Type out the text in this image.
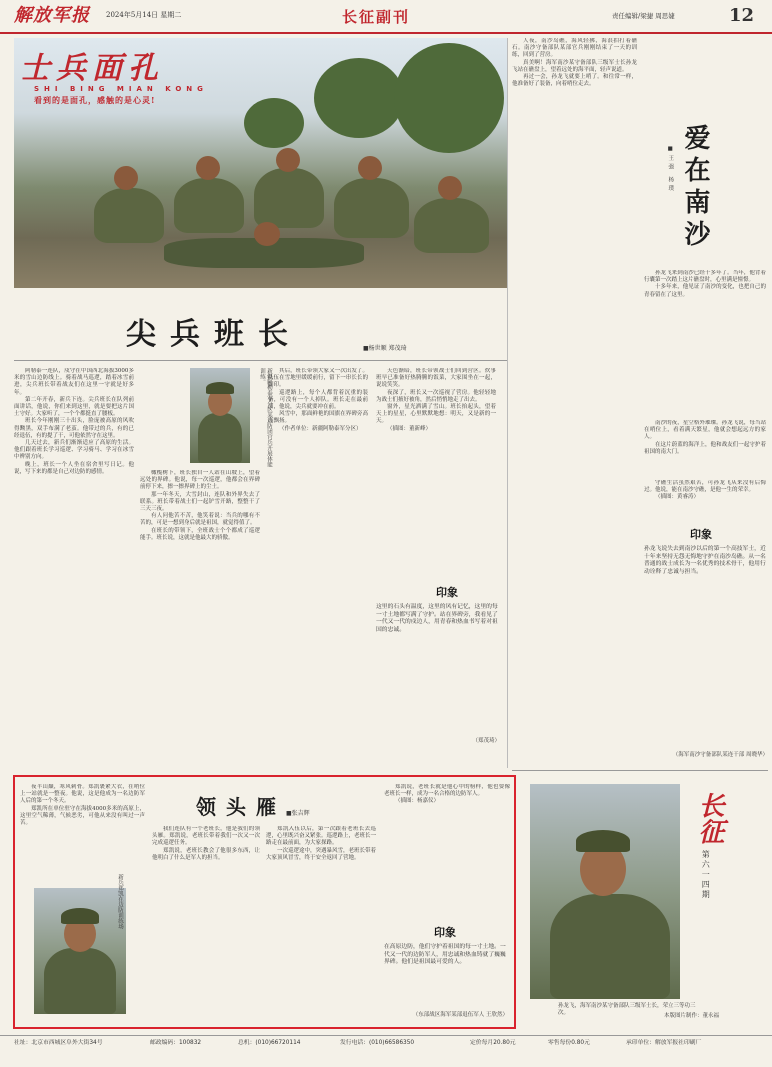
解放军报 2024年5月14日 星期二	长征副刊	责任编辑/梁捷 周思婕	12
士兵面孔
SHI BING MIAN KONG
看到的是面孔，感触的是心灵!
尖兵班长	■杨世顺 郑茂琦
新疆阿勒泰军分区某边防团官兵开展体能训练。

阿勒泰一连队，戍守在中国西北海拔3000多米的雪山边防线上。骑着战马巡逻，踏着冰雪前进，尖兵班长带着战友们在这里一守就是好多年。

第二年开春，新兵下连。尖兵班长在队列前面讲话，他说，你们来到这里，就是要把这片国土守好。大家听了，一个个都挺直了腰板。

班长今年刚刚三十出头，脸庞被高原的风吹得黝黑，双手布满了老茧。他带过的兵，有的已经退伍，有的提了干，可他依然守在这里。

几天过去，新兵们渐渐适应了高原的生活。他们跟着班长学习巡逻、学习骑马、学习在冰雪中辨别方向。

晚上，班长一个人坐在宿舍里写日记。他说，写下来的都是自己对边防的感情。	橄榄树下，班长独自一人站在山坡上，望着远处的界碑。他说，每一次巡逻，他都会在界碑前停下来，擦一擦界碑上的尘土。

那一年冬天，大雪封山，连队和外界失去了联系。班长带着战士们一起铲雪开路，整整干了三天三夜。

有人问他苦不苦，他笑着说：当兵的哪有不苦的，可是一想到身后就是祖国，就觉得值了。

在班长的带领下，全班战士个个都成了巡逻能手。班长说，这就是他最大的骄傲。

其后，班长带领大家又一次出发了。队伍在雪地里缓缓前行，留下一串长长的脚印。

巡逻路上，每个人都背着沉重的装备，可没有一个人掉队。班长走在最前面，他说，尖兵就要冲在前。

风雪中，那面鲜艳的国旗在界碑旁高高飘扬。

（作者单位：新疆阿勒泰军分区）

天色渐暗，班长带领战士们回到营区。炊事班早已准备好热腾腾的饭菜，大家围坐在一起，说说笑笑。

夜深了，班长又一次巡视了营房。他轻轻地为战士们掖好被角，然后悄悄地走了出去。

窗外，星光洒满了雪山。班长抬起头，望着天上的星星，心里默默地想：明天，又是新的一天。

（插图：董新峰）

印象
这里的石头有温度，这里的风有记忆，这里的每一寸土地都写满了守护。站在界碑旁，我看见了一代又一代的戍边人，用青春和热血书写着对祖国的忠诚。
（郑茂琦）
爱在南沙
■王强 杨璞

人夜，南沙岛礁，海风轻拂，海浪拍打着礁石。南沙守备部队某部官兵刚刚结束了一天的训练，回到了营房。

真美啊！海军南沙某守备部队三级军士长孙龙飞站在礁盘上，望着远处的海平面，轻声说道。

再过一会，孙龙飞就要上哨了。和往常一样，他准备好了装备，向着哨位走去。

孙龙飞来到南沙已经十多年了。当年，他背着行囊第一次踏上这片礁盘时，心里满是憧憬。

十多年来，他见证了南沙的变化，也把自己的青春留在了这里。

南沙的夜，星空格外璀璨。孙龙飞说，每当站在哨位上，看着满天繁星，他就会想起远方的家人。

在这片蔚蓝的海洋上，他和战友们一起守护着祖国的南大门。

守礁生活虽然艰苦，可孙龙飞从来没有后悔过。他说，能在南沙守礁，是他一生的荣幸。

（插图：黄睿涛）

印象
孙龙飞说失去到南沙以后的第一个高技军士，近十年来坚持无怨无悔地守护在南沙岛礁。从一名普通的战士成长为一名优秀的技术骨干，他用行动诠释了忠诚与担当。
（海军南沙守备部队某连干部 周晓华）
领头雁 ■张吉辉
新兵郑凯在边防训练场

夜半山巅，寒风刺骨。郑凯裹紧大衣，在哨位上一站就是一整夜。他说，这是他成为一名边防军人后的第一个冬天。

郑凯所在单位驻守在海拔4000多米的高原上，这里空气稀薄，气候恶劣，可他从来没有叫过一声苦。

我们连队有一个老班长，他是我们的领头雁。郑凯说，老班长带着我们一次又一次完成巡逻任务。

郑凯说，老班长教会了他很多东西，让他明白了什么是军人的担当。

郑凯入伍以后，第一次跟着老班长去巡逻，心里既兴奋又紧张。巡逻路上，老班长一路走在最前面，为大家探路。

一次巡逻途中，突遇暴风雪，老班长带着大家顶风冒雪，终于安全返回了营地。

郑凯说，老班长就是他心中的榜样，他也要像老班长一样，成为一名合格的边防军人。

（插图：杨嘉仪）

印象
在高原边防，他们守护着祖国的每一寸土地。一代又一代的边防军人，用忠诚和热血铸就了巍巍界碑。他们是祖国最可爱的人。
（东部战区海军某部退伍军人 王欣然）
长征
第六一四期
孙龙飞，海军南沙某守备部队三级军士长，荣立三等功三次。	本版图片制作：董永福
社址：北京市西城区阜外大街34号	邮政编码：100832	总机：(010)66720114	发行电话：(010)66586350	定价每月20.80元	零售每份0.80元	承印单位：解放军报社印刷厂
